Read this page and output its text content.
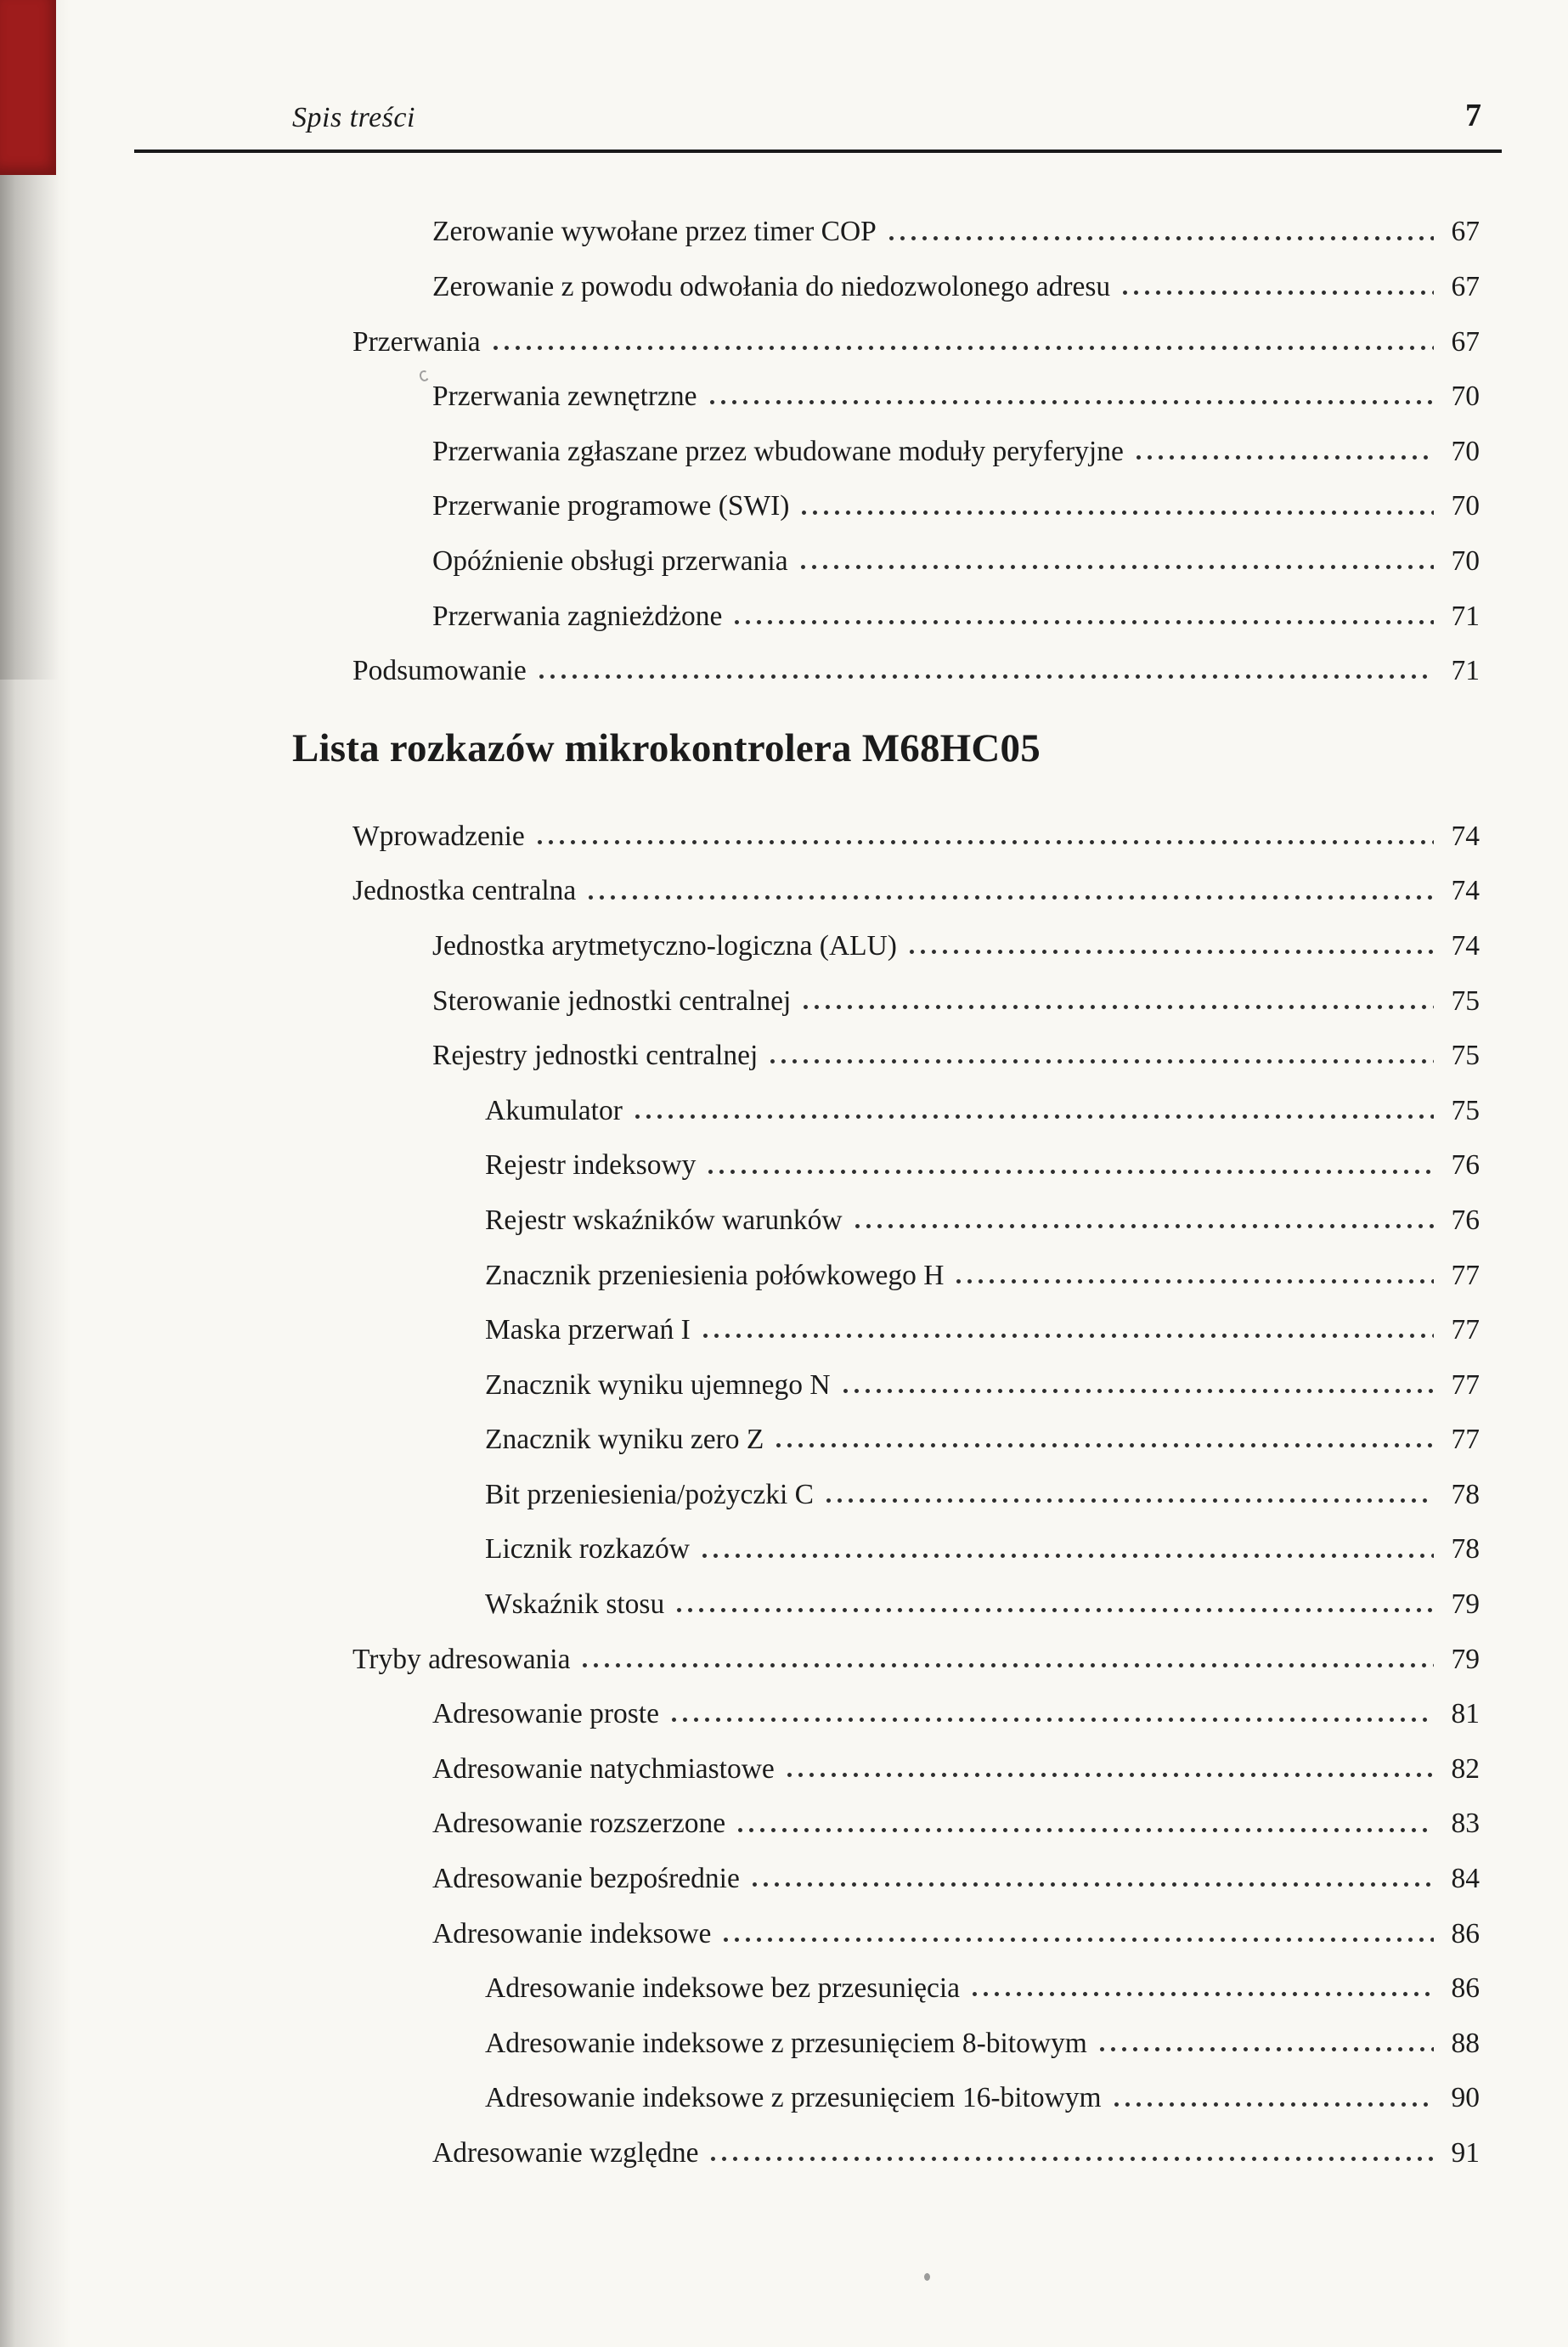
Spis treści	7
Zerowanie wywołane przez timer COP	67
Zerowanie z powodu odwołania do niedozwolonego adresu	67
Przerwania	67
Przerwania zewnętrzne	70
Przerwania zgłaszane przez wbudowane moduły peryferyjne	70
Przerwanie programowe (SWI)	70
Opóźnienie obsługi przerwania	70
Przerwania zagnieżdżone	71
Podsumowanie	71
Lista rozkazów mikrokontrolera M68HC05
Wprowadzenie	74
Jednostka centralna	74
Jednostka arytmetyczno-logiczna (ALU)	74
Sterowanie jednostki centralnej	75
Rejestry jednostki centralnej	75
Akumulator	75
Rejestr indeksowy	76
Rejestr wskaźników warunków	76
Znacznik przeniesienia połówkowego H	77
Maska przerwań I	77
Znacznik wyniku ujemnego N	77
Znacznik wyniku zero Z	77
Bit przeniesienia/pożyczki C	78
Licznik rozkazów	78
Wskaźnik stosu	79
Tryby adresowania	79
Adresowanie proste	81
Adresowanie natychmiastowe	82
Adresowanie rozszerzone	83
Adresowanie bezpośrednie	84
Adresowanie indeksowe	86
Adresowanie indeksowe bez przesunięcia	86
Adresowanie indeksowe z przesunięciem 8-bitowym	88
Adresowanie indeksowe z przesunięciem 16-bitowym	90
Adresowanie względne	91
